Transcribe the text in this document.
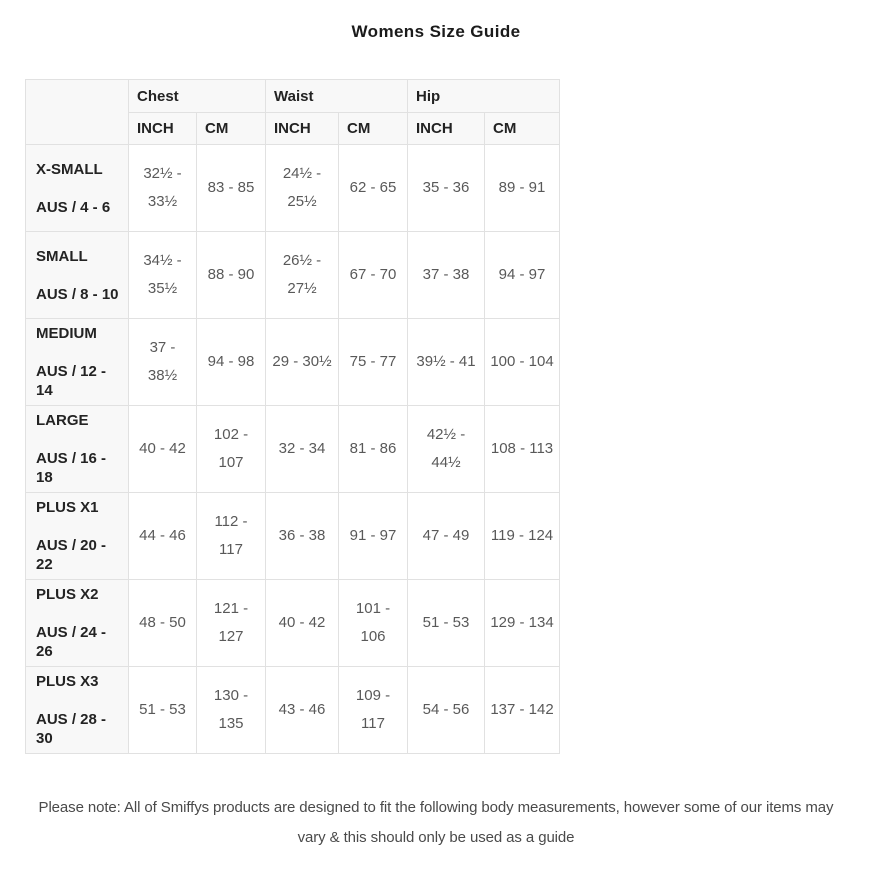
Womens Size Guide
	Chest		Waist		Hip	
	INCH	CM	INCH	CM	INCH	CM

X-SMALL
AUS / 4 - 6	32½ - 33½	83 - 85	24½ - 25½	62 - 65	35 - 36	89 - 91

SMALL
AUS / 8 - 10	34½ - 35½	88 - 90	26½ - 27½	67 - 70	37 - 38	94 - 97

MEDIUM
AUS / 12 - 14	37 - 38½	94 - 98	29 - 30½	75 - 77	39½ - 41	100 - 104

LARGE
AUS / 16 - 18	40 - 42	102 - 107	32 - 34	81 - 86	42½ - 44½	108 - 113

PLUS X1
AUS / 20 - 22	44 - 46	112 - 117	36 - 38	91 - 97	47 - 49	119 - 124

PLUS X2
AUS / 24 - 26	48 - 50	121 - 127	40 - 42	101 - 106	51 - 53	129 - 134

PLUS X3
AUS / 28 - 30	51 - 53	130 - 135	43 - 46	109 - 117	54 - 56	137 - 142

Please note: All of Smiffys products are designed to fit the following body measurements, however some of our items may vary & this should only be used as a guide
